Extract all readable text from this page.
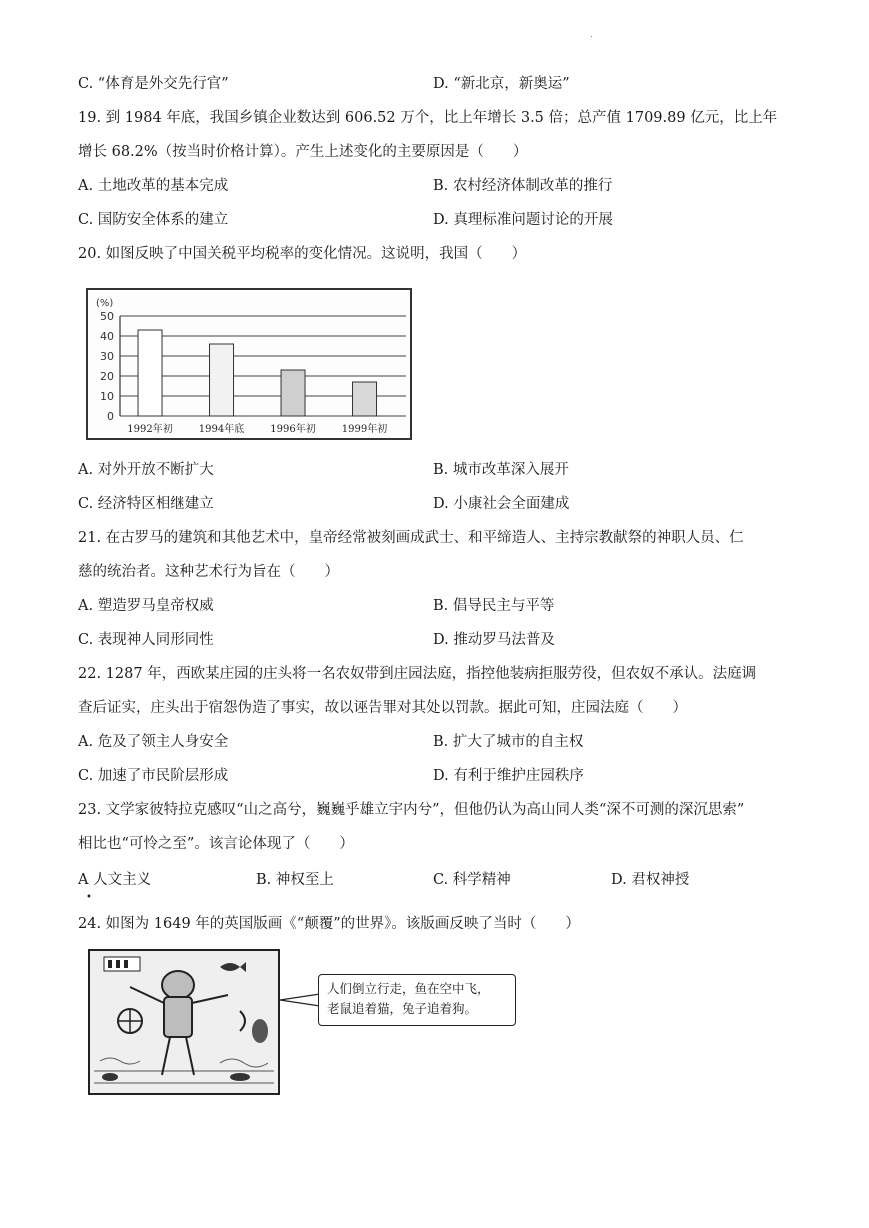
.
C. “体育是外交先行官”	D. “新北京，新奥运”
19. 到 1984 年底，我国乡镇企业数达到 606.52 万个，比上年增长 3.5 倍；总产值 1709.89 亿元，比上年
增长 68.2%（按当时价格计算）。产生上述变化的主要原因是（　　）
A. 土地改革的基本完成	B. 农村经济体制改革的推行
C. 国防安全体系的建立	D. 真理标准问题讨论的开展
20. 如图反映了中国关税平均税率的变化情况。这说明，我国（　　）
50
40
30
20
10
0
1992年初	1994年底	1996年初	1999年初
(%)
A. 对外开放不断扩大	B. 城市改革深入展开
C. 经济特区相继建立	D. 小康社会全面建成
21. 在古罗马的建筑和其他艺术中，皇帝经常被刻画成武士、和平缔造人、主持宗教献祭的神职人员、仁
慈的统治者。这种艺术行为旨在（　　）
A. 塑造罗马皇帝权威	B. 倡导民主与平等
C. 表现神人同形同性	D. 推动罗马法普及
22. 1287 年，西欧某庄园的庄头将一名农奴带到庄园法庭，指控他装病拒服劳役，但农奴不承认。法庭调
查后证实，庄头出于宿怨伪造了事实，故以诬告罪对其处以罚款。据此可知，庄园法庭（　　）
A. 危及了领主人身安全	B. 扩大了城市的自主权
C. 加速了市民阶层形成	D. 有利于维护庄园秩序
23. 文学家彼特拉克感叹“山之高兮，巍巍乎雄立宇内兮”，但他仍认为高山同人类“深不可测的深沉思索”
相比也“可怜之至”。该言论体现了（　　）
A 人文主义	B. 神权至上	C. 科学精神	D. 君权神授
•
24. 如图为 1649 年的英国版画《“颠覆”的世界》。该版画反映了当时（　　）
人们倒立行走，鱼在空中飞，
老鼠追着猫，兔子追着狗。
